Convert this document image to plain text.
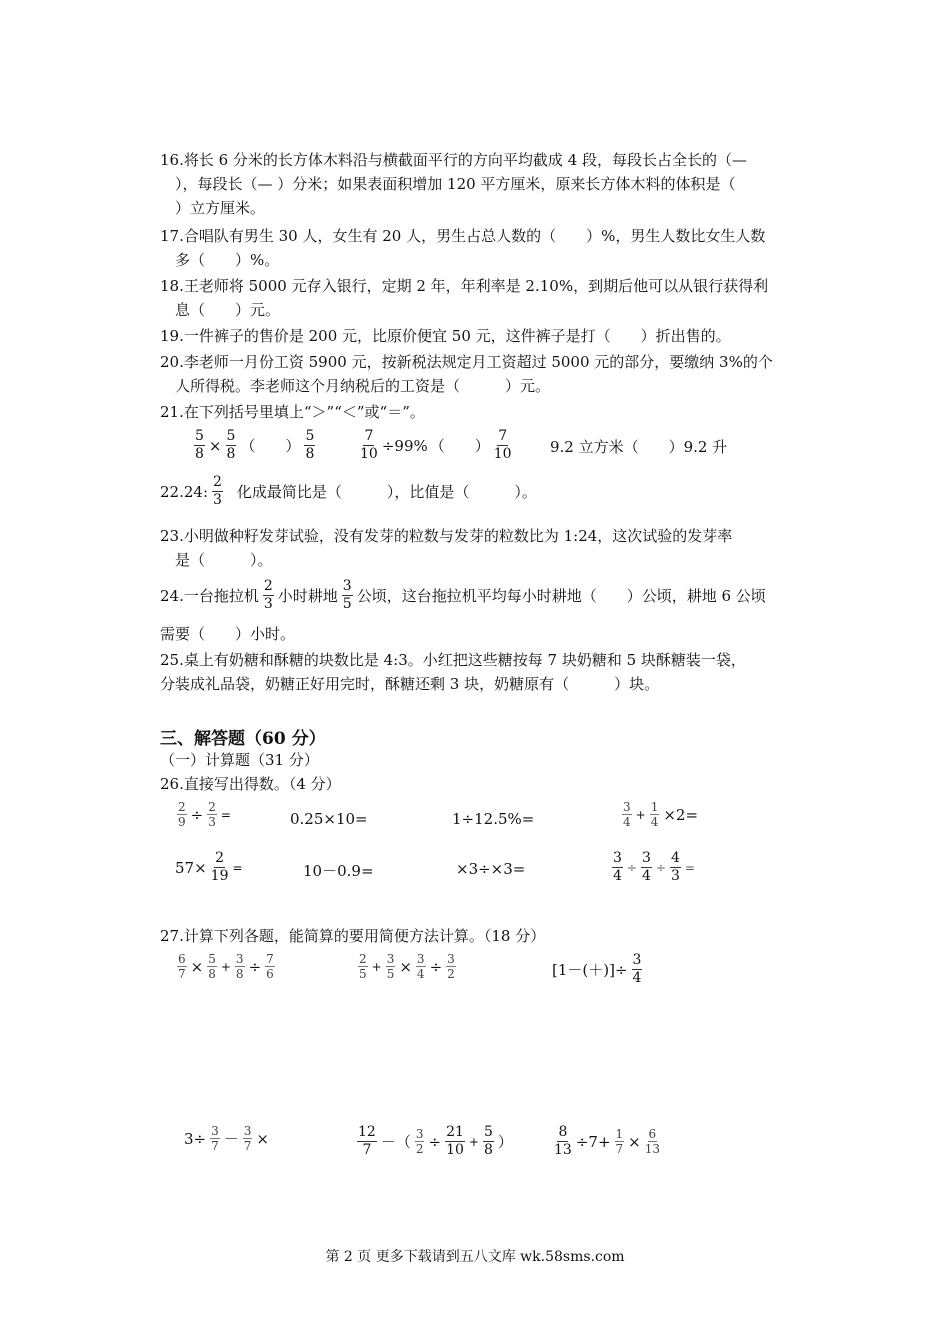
16.将长 6 分米的长方体木料沿与横截面平行的方向平均截成 4 段，每段长占全长的（—
），每段长（— ）分米；如果表面积增加 120 平方厘米，原来长方体木料的体积是（
）立方厘米。
17.合唱队有男生 30 人，女生有 20 人，男生占总人数的（　　）%，男生人数比女生人数
多（　　）%。
18.王老师将 5000 元存入银行，定期 2 年，年利率是 2.10%，到期后他可以从银行获得利
息（　　）元。
19.一件裤子的售价是 200 元，比原价便宜 50 元，这件裤子是打（　　）折出售的。
20.李老师一月份工资 5900 元，按新税法规定月工资超过 5000 元的部分，要缴纳 3%的个
人所得税。李老师这个月纳税后的工资是（　　　）元。
21.在下列括号里填上“＞”“＜”或“＝”。
$\frac{5}{8} \times \frac{5}{8}$ （　　）
5
8	$\frac{7}{10} \div 99\%$ （　　）
7
10	9.2 立方米（　　）9.2 升
22.24:
2
3 化成最简比是（　　　），比值是（　　　）。
23.小明做种籽发芽试验，没有发芽的粒数与发芽的粒数比为 1:24，这次试验的发芽率
是（　　　）。
24.一台拖拉机
2
3 小时耕地
3
5 公顷，这台拖拉机平均每小时耕地（　　）公顷，耕地 6 公顷
需要（　　）小时。
25.桌上有奶糖和酥糖的块数比是 4:3。小红把这些糖按每 7 块奶糖和 5 块酥糖装一袋，
分装成礼品袋，奶糖正好用完时，酥糖还剩 3 块，奶糖原有（　　　）块。
三、解答题（60 分）
（一）计算题（31 分）
26.直接写出得数。（4 分）
$\frac{2}{9} \div \frac{2}{3}$ =	0.25×10=	1÷12.5%=
3
4
+ $\frac{1}{4} \times 2=$
$57\times \frac{2}{19}$ =	10－0.9=	×3÷×3=	$\frac{3}{4} \div \frac{3}{4} \div \frac{4}{3}$ =
27.计算下列各题，能简算的要用简便方法计算。（18 分）
$\frac{6}{7} \times \frac{5}{8} + \frac{3}{8} \div \frac{7}{6}$	2
5
+ $\frac{3}{5} \times \frac{3}{4} \div \frac{3}{2}$	$[1-(+)]\div \frac{3}{4}$
$3\div \frac{3}{7} - \frac{3}{7}$ ×	12
7 －（ $\frac{3}{2} \div \frac{21}{10} + \frac{5}{8}$ ）	$\frac{8}{13} \div 7+ \frac{1}{7} \times \frac{6}{13}$
第 2 页 更多下载请到五八文库 wk.58sms.com
